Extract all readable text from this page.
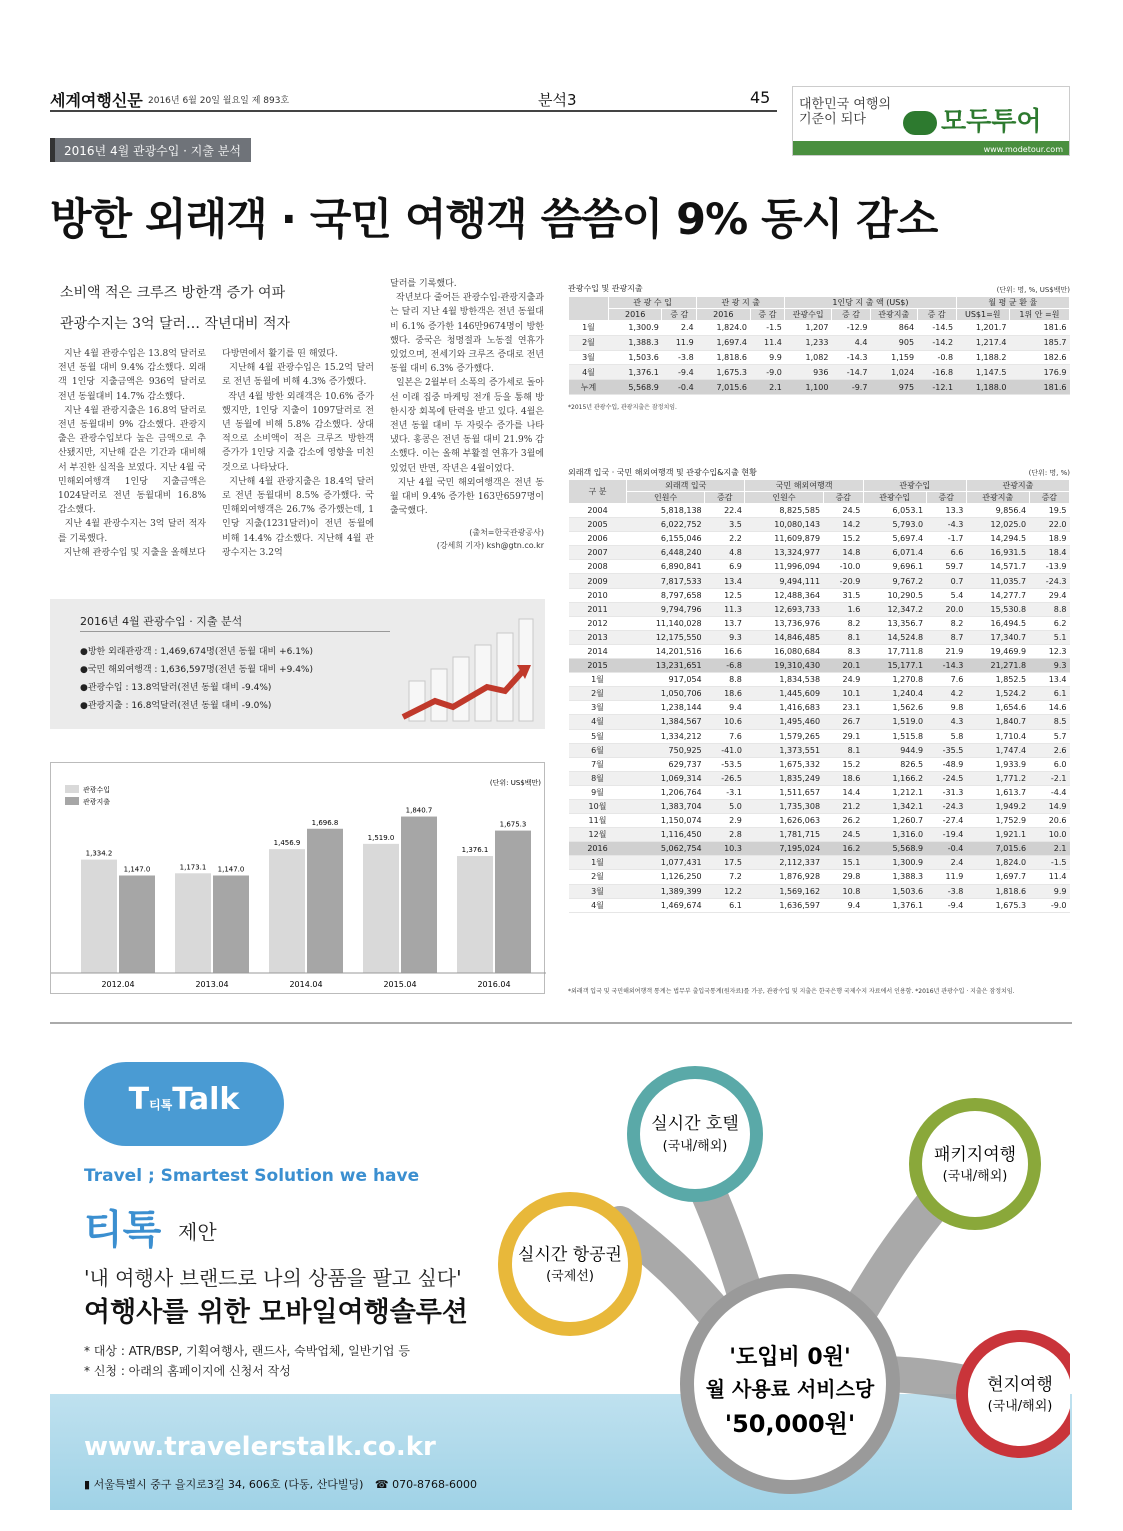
세계여행신문 2016년 6월 20일 월요일 제 893호	분석3	45 대한민국 여행의 기준이 되다	모두투어
www.modetour.com
2016년 4월 관광수입 · 지출 분석
방한 외래객 · 국민 여행객 씀씀이 9% 동시 감소
소비액 적은 크루즈 방한객 증가 여파
관광수지는 3억 달러… 작년대비 적자
지난 4월 관광수입은 13.8억 달러로 전년 동월 대비 9.4% 감소했다. 외래객 1인당 지출금액은 936억 달러로 전년 동월대비 14.7% 감소했다.
지난 4월 관광지출은 16.8억 달러로 전년 동월대비 9% 감소했다. 관광지출은 관광수입보다 높은 금액으로 추산됐지만, 지난해 같은 기간과 대비해서 부진한 실적을 보였다. 지난 4월 국민해외여행객 1인당 지출금액은 1024달러로 전년 동월대비 16.8% 감소했다.
지난 4월 관광수지는 3억 달러 적자를 기록했다.
지난해 관광수입 및 지출을 올해보다
다방면에서 활기를 띤 해였다.
지난해 4월 관광수입은 15.2억 달러로 전년 동월에 비해 4.3% 증가했다.
작년 4월 방한 외래객은 10.6% 증가했지만, 1인당 지출이 1097달러로 전년 동월에 비해 5.8% 감소했다. 상대적으로 소비액이 적은 크루즈 방한객 증가가 1인당 지출 감소에 영향을 미친 것으로 나타났다.
지난해 4월 관광지출은 18.4억 달러로 전년 동월대비 8.5% 증가했다. 국민해외여행객은 26.7% 증가했는데, 1인당 지출(1231달러)이 전년 동월에 비해 14.4% 감소했다. 지난해 4월 관광수지는 3.2억
달러를 기록했다.
작년보다 줄어든 관광수입·관광지출과는 달리 지난 4월 방한객은 전년 동월대비 6.1% 증가한 146만9674명이 방한했다. 중국은 청명절과 노동절 연휴가 있었으며, 전세기와 크루즈 증대로 전년 동월 대비 6.3% 증가했다.
일본은 2월부터 소폭의 증가세로 돌아선 이래 집중 마케팅 전개 등을 통해 방한시장 회복에 탄력을 받고 있다. 4월은 전년 동월 대비 두 자릿수 증가를 나타냈다. 홍콩은 전년 동월 대비 21.9% 감소했다. 이는 올해 부활절 연휴가 3월에 있었던 반면, 작년은 4월이었다.
지난 4월 국민 해외여행객은 전년 동월 대비 9.4% 증가한 163만6597명이 출국했다.
(출처=한국관광공사)
(강세희 기자) ksh@gtn.co.kr
2016년 4월 관광수입 · 지출 분석
●방한 외래관광객 : 1,469,674명(전년 동월 대비 +6.1%)
●국민 해외여행객 : 1,636,597명(전년 동월 대비 +9.4%)
●관광수입 : 13.8억달러(전년 동월 대비 -9.4%)
●관광지출 : 16.8억달러(전년 동월 대비 -9.0%)
관광수입
관광지출
(단위: US$백만)
1,334.2
1,147.0	1,173.1 1,147.0
1,456.9
1,696.8
1,519.0
1,840.7
1,376.1
1,675.3
2012.04	2013.04	2014.04	2015.04	2016.04
관광수입 및 관광지출	(단위: 명, %, US$백만)
	관 광 수 입		관 광 지 출		1인당 지 출 액 (US$)				월 평 균 환 율	
	2016	증 감	2016	증 감	관광수입	증 감	관광지출	증 감	US$1=원	1위 안 =원
1월	1,300.9	2.4	1,824.0	-1.5	1,207	-12.9	864	-14.5	1,201.7	181.6
2월	1,388.3	11.9	1,697.4	11.4	1,233	4.4	905	-14.2	1,217.4	185.7
3월	1,503.6	-3.8	1,818.6	9.9	1,082	-14.3	1,159	-0.8	1,188.2	182.6
4월	1,376.1	-9.4	1,675.3	-9.0	936	-14.7	1,024	-16.8	1,147.5	176.9
누계	5,568.9	-0.4	7,015.6	2.1	1,100	-9.7	975	-12.1	1,188.0	181.6
*2015년 관광수입, 관광지출은 잠정치임.
외래객 입국 · 국민 해외여행객 및 관광수입&지출 현황	(단위: 명, %)
구 분	외래객 입국		국민 해외여행객		관광수입		관광지출	
	인원수	증감	인원수	증감	관광수입	증감	관광지출	증감
2004	5,818,138	22.4	8,825,585	24.5	6,053.1	13.3	9,856.4	19.5
2005	6,022,752	3.5	10,080,143	14.2	5,793.0	-4.3	12,025.0	22.0
2006	6,155,046	2.2	11,609,879	15.2	5,697.4	-1.7	14,294.5	18.9
2007	6,448,240	4.8	13,324,977	14.8	6,071.4	6.6	16,931.5	18.4
2008	6,890,841	6.9	11,996,094	-10.0	9,696.1	59.7	14,571.7	-13.9
2009	7,817,533	13.4	9,494,111	-20.9	9,767.2	0.7	11,035.7	-24.3
2010	8,797,658	12.5	12,488,364	31.5	10,290.5	5.4	14,277.7	29.4
2011	9,794,796	11.3	12,693,733	1.6	12,347.2	20.0	15,530.8	8.8
2012	11,140,028	13.7	13,736,976	8.2	13,356.7	8.2	16,494.5	6.2
2013	12,175,550	9.3	14,846,485	8.1	14,524.8	8.7	17,340.7	5.1
2014	14,201,516	16.6	16,080,684	8.3	17,711.8	21.9	19,469.9	12.3
2015	13,231,651	-6.8	19,310,430	20.1	15,177.1	-14.3	21,271.8	9.3
1월	917,054	8.8	1,834,538	24.9	1,270.8	7.6	1,852.5	13.4
2월	1,050,706	18.6	1,445,609	10.1	1,240.4	4.2	1,524.2	6.1
3월	1,238,144	9.4	1,416,683	23.1	1,562.6	9.8	1,654.6	14.6
4월	1,384,567	10.6	1,495,460	26.7	1,519.0	4.3	1,840.7	8.5
5월	1,334,212	7.6	1,579,265	29.1	1,515.8	5.8	1,710.4	5.7
6월	750,925	-41.0	1,373,551	8.1	944.9	-35.5	1,747.4	2.6
7월	629,737	-53.5	1,675,332	15.2	826.5	-48.9	1,933.9	6.0
8월	1,069,314	-26.5	1,835,249	18.6	1,166.2	-24.5	1,771.2	-2.1
9월	1,206,764	-3.1	1,511,657	14.4	1,212.1	-31.3	1,613.7	-4.4
10월	1,383,704	5.0	1,735,308	21.2	1,342.1	-24.3	1,949.2	14.9
11월	1,150,074	2.9	1,626,063	26.2	1,260.7	-27.4	1,752.9	20.6
12월	1,116,450	2.8	1,781,715	24.5	1,316.0	-19.4	1,921.1	10.0
2016	5,062,754	10.3	7,195,024	16.2	5,568.9	-0.4	7,015.6	2.1
1월	1,077,431	17.5	2,112,337	15.1	1,300.9	2.4	1,824.0	-1.5
2월	1,126,250	7.2	1,876,928	29.8	1,388.3	11.9	1,697.7	11.4
3월	1,389,399	12.2	1,569,162	10.8	1,503.6	-3.8	1,818.6	9.9
4월	1,469,674	6.1	1,636,597	9.4	1,376.1	-9.4	1,675.3	-9.0
*외래객 입국 및 국민해외여행객 통계는 법무부 출입국통계(원자료)를 가공, 관광수입 및 지출은 한국은행 국제수지 자료에서 인용함. *2016년 관광수입 · 지출은 잠정치임.
T티톡Talk
Travel ; Smartest Solution we have
티톡 제안
'내 여행사 브랜드로 나의 상품을 팔고 싶다'
여행사를 위한 모바일여행솔루션
* 대상 : ATR/BSP, 기획여행사, 랜드사, 숙박업체, 일반기업 등
* 신청 : 아래의 홈페이지에 신청서 작성
www.travelerstalk.co.kr
▮ 서울특별시 중구 을지로3길 34, 606호 (다동, 산다빌딩) ☎ 070-8768-6000
실시간 호텔
(국내/해외)	패키지여행
(국내/해외)
실시간 항공권
(국제선)
현지여행
(국내/해외)
'도입비 0원'
월 사용료 서비스당
'50,000원'
